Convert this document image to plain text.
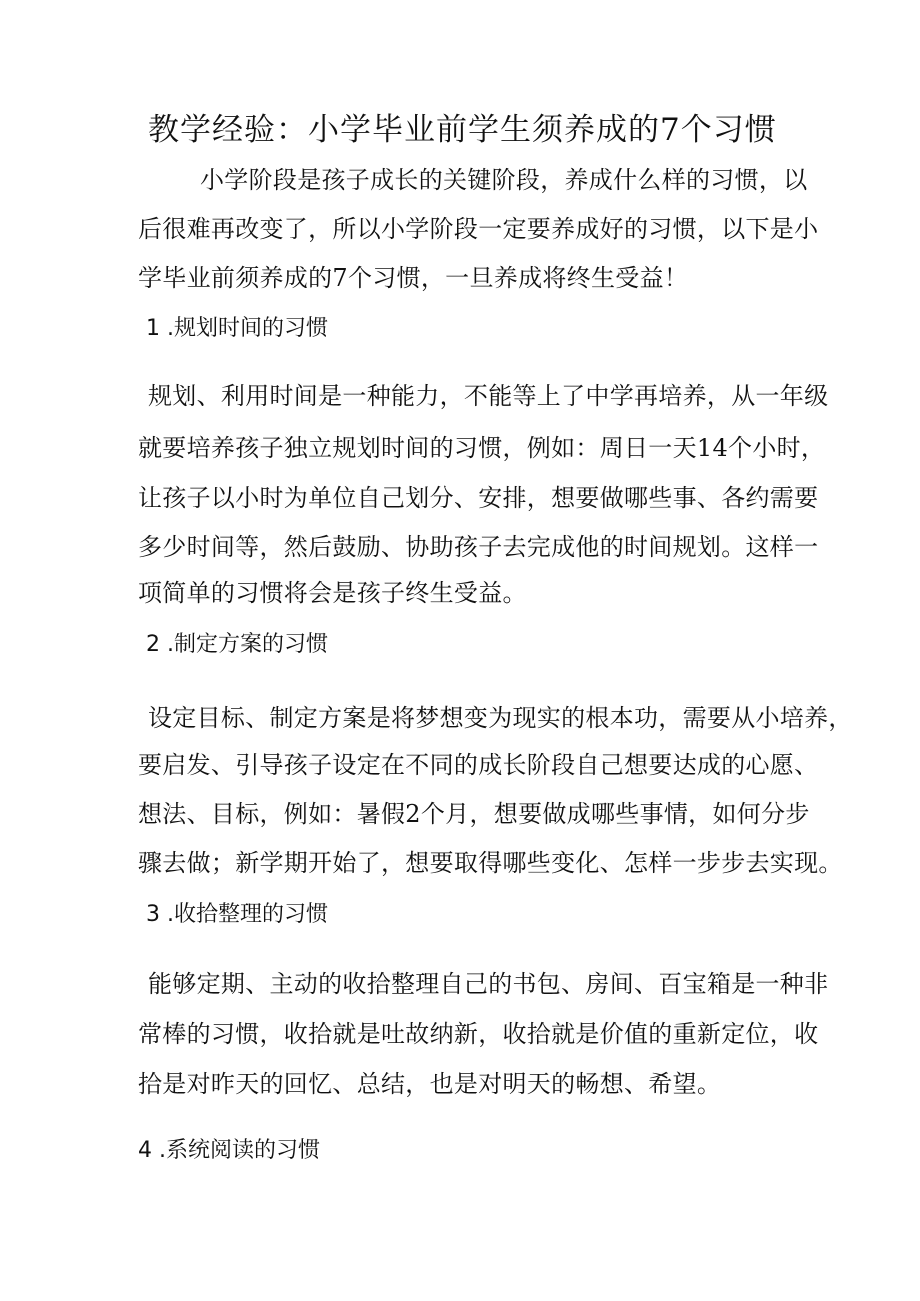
教学经验：小学毕业前学生须养成的7个习惯
小学阶段是孩子成长的关键阶段，养成什么样的习惯，以
后很难再改变了，所以小学阶段一定要养成好的习惯，以下是小
学毕业前须养成的7个习惯，一旦养成将终生受益！
1 .规划时间的习惯
规划、利用时间是一种能力，不能等上了中学再培养，从一年级
就要培养孩子独立规划时间的习惯，例如：周日一天14个小时，
让孩子以小时为单位自己划分、安排，想要做哪些事、各约需要
多少时间等，然后鼓励、协助孩子去完成他的时间规划。这样一
项简单的习惯将会是孩子终生受益。
2 .制定方案的习惯
设定目标、制定方案是将梦想变为现实的根本功，需要从小培养，
要启发、引导孩子设定在不同的成长阶段自己想要达成的心愿、
想法、目标，例如：暑假2个月，想要做成哪些事情，如何分步
骤去做；新学期开始了，想要取得哪些变化、怎样一步步去实现。
3 .收拾整理的习惯
能够定期、主动的收拾整理自己的书包、房间、百宝箱是一种非
常棒的习惯，收拾就是吐故纳新，收拾就是价值的重新定位，收
拾是对昨天的回忆、总结，也是对明天的畅想、希望。
4 .系统阅读的习惯
